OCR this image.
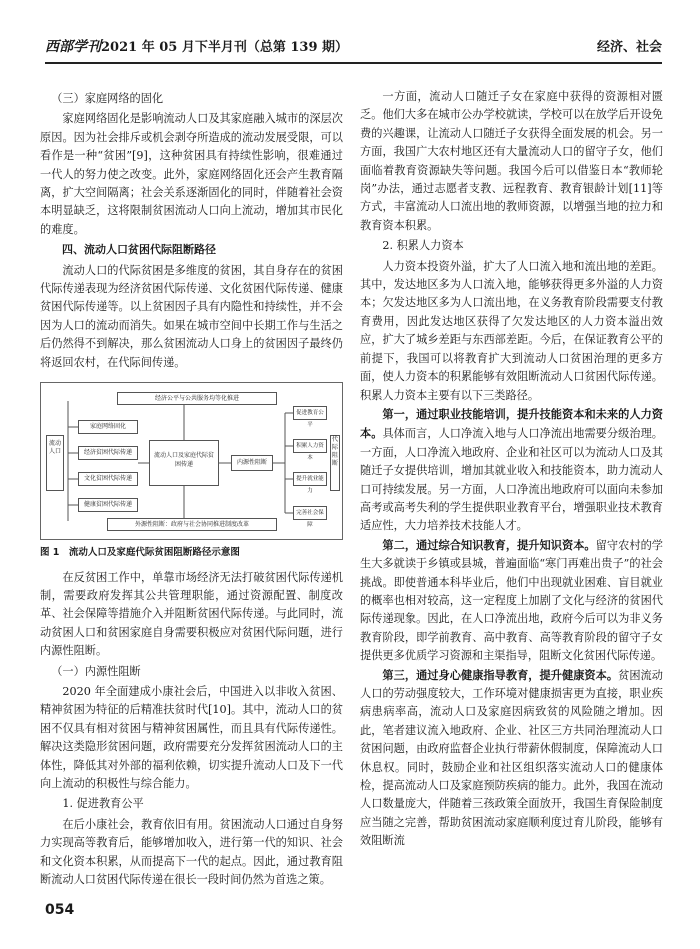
西部学刊2021 年 05 月下半月刊（总第 139 期）	经济、社会
（三）家庭网络的固化
家庭网络固化是影响流动人口及其家庭融入城市的深层次原因。因为社会排斥或机会剥夺所造成的流动发展受限，可以看作是一种“贫困”[9]，这种贫困具有持续性影响，很难通过一代人的努力使之改变。此外，家庭网络固化还会产生教育隔离，扩大空间隔离；社会关系逐渐固化的同时，伴随着社会资本明显缺乏，这将限制贫困流动人口向上流动，增加其市民化的难度。
四、流动人口贫困代际阻断路径
流动人口的代际贫困是多维度的贫困，其自身存在的贫困代际传递表现为经济贫困代际传递、文化贫困代际传递、健康贫困代际传递等。以上贫困因子具有内隐性和持续性，并不会因为人口的流动而消失。如果在城市空间中长期工作与生活之后仍然得不到解决，那么贫困流动人口身上的贫困因子最终仍将返回农村，在代际间传递。
经济公平与公共服务均等化推进
流动人口
家庭网络固化
经济贫困代际传递
文化贫困代际传递
健康贫困代际传递
流动人口及家庭代际贫困传递	内源性阻断
促进教育公平
积累人力资本
提升就业能力
完善社会保障
代际阻断
外源性阻断：政府与社会协同推进制度改革
图 1　流动人口及家庭代际贫困阻断路径示意图
在反贫困工作中，单靠市场经济无法打破贫困代际传递机制，需要政府发挥其公共管理职能，通过资源配置、制度改革、社会保障等措施介入并阻断贫困代际传递。与此同时，流动贫困人口和贫困家庭自身需要积极应对贫困代际问题，进行内源性阻断。
（一）内源性阻断
2020 年全面建成小康社会后，中国进入以非收入贫困、精神贫困为特征的后精准扶贫时代[10]。其中，流动人口的贫困不仅具有相对贫困与精神贫困属性，而且具有代际传递性。解决这类隐形贫困问题，政府需要充分发挥贫困流动人口的主体性，降低其对外部的福利依赖，切实提升流动人口及下一代向上流动的积极性与综合能力。
1. 促进教育公平
在后小康社会，教育依旧有用。贫困流动人口通过自身努力实现高等教育后，能够增加收入，进行第一代的知识、社会和文化资本积累，从而提高下一代的起点。因此，通过教育阻断流动人口贫困代际传递在很长一段时间仍然为首选之策。
一方面，流动人口随迁子女在家庭中获得的资源相对匮乏。他们大多在城市公办学校就读，学校可以在放学后开设免费的兴趣课，让流动人口随迁子女获得全面发展的机会。另一方面，我国广大农村地区还有大量流动人口的留守子女，他们面临着教育资源缺失等问题。我国今后可以借鉴日本“教师轮岗”办法，通过志愿者支教、远程教育、教育银龄计划[11]等方式，丰富流动人口流出地的教师资源，以增强当地的拉力和教育资本积累。
2. 积累人力资本
人力资本投资外溢，扩大了人口流入地和流出地的差距。其中，发达地区多为人口流入地，能够获得更多外溢的人力资本；欠发达地区多为人口流出地，在义务教育阶段需要支付教育费用，因此发达地区获得了欠发达地区的人力资本溢出效应，扩大了城乡差距与东西部差距。今后，在保证教育公平的前提下，我国可以将教育扩大到流动人口贫困治理的更多方面，使人力资本的积累能够有效阻断流动人口贫困代际传递。积累人力资本主要有以下三类路径。
第一，通过职业技能培训，提升技能资本和未来的人力资本。具体而言，人口净流入地与人口净流出地需要分级治理。一方面，人口净流入地政府、企业和社区可以为流动人口及其随迁子女提供培训，增加其就业收入和技能资本，助力流动人口可持续发展。另一方面，人口净流出地政府可以面向未参加高考或高考失利的学生提供职业教育平台，增强职业技术教育适应性，大力培养技术技能人才。
第二，通过综合知识教育，提升知识资本。留守农村的学生大多就读于乡镇或县城，普遍面临“寒门再难出贵子”的社会挑战。即使普通本科毕业后，他们中出现就业困难、盲目就业的概率也相对较高，这一定程度上加剧了文化与经济的贫困代际传递现象。因此，在人口净流出地，政府今后可以为非义务教育阶段，即学前教育、高中教育、高等教育阶段的留守子女提供更多优质学习资源和主渠指导，阻断文化贫困代际传递。
第三，通过身心健康指导教育，提升健康资本。贫困流动人口的劳动强度较大，工作环境对健康损害更为直接，职业疾病患病率高，流动人口及家庭因病致贫的风险随之增加。因此，笔者建议流入地政府、企业、社区三方共同治理流动人口贫困问题，由政府监督企业执行带薪休假制度，保障流动人口休息权。同时，鼓励企业和社区组织落实流动人口的健康体检，提高流动人口及家庭预防疾病的能力。此外，我国在流动人口数量庞大，伴随着三孩政策全面放开，我国生育保险制度应当随之完善，帮助贫困流动家庭顺利度过育儿阶段，能够有效阻断流
054
